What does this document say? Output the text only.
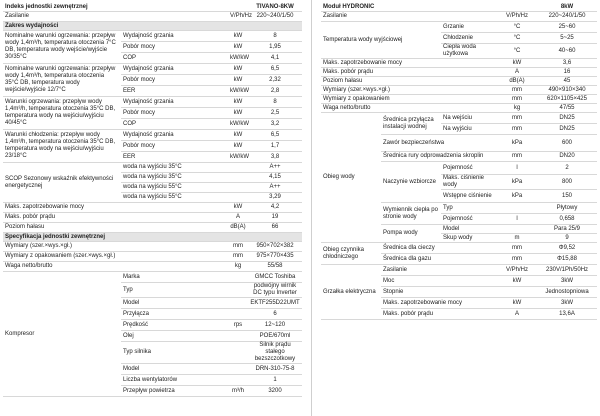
Indeks jednostki zewnętrznej			TIVANO-8KW
Zasilanie		V/Ph/Hz	220~240/1/50
Zakres wydajności			
Nominalne warunki ogrzewania: przepływ wody 1,4m³/h, temperatura otoczenia 7°C DB, temperatura wody wejście/wyjście 30/35°C	Wydajność grzania	kW	8
	Pobór mocy	kW	1,95
	COP	kW/kW	4,1
Nominalne warunki ogrzewania: przepływ wody 1,4m³/h, temperatura otoczenia 35°C DB, temperatura wody wejście/wyjście 12/7°C	Wydajność grzania	kW	6,5
	Pobór mocy	kW	2,32
	EER	kW/kW	2,8
Warunki ogrzewania: przepływ wody 1,4m³/h, temperatura otoczenia 35°C DB, temperatura wody na wejściu/wyjściu 40/45°C	Wydajność grzania	kW	8
	Pobór mocy	kW	2,5
	COP	kW/kW	3,2
Warunki chłodzenia: przepływ wody 1,4m³/h, temperatura otoczenia 35°C DB, temperatura wody na wejściu/wyjściu 23/18°C	Wydajność grzania	kW	6,5
	Pobór mocy	kW	1,7
	EER	kW/kW	3,8
SCOP Sezonowy wskaźnik efektywności energetycznej	woda na wyjściu 35°C		A++
	woda na wyjściu 35°C		4,15
	woda na wyjściu 55°C		A++
	woda na wyjściu 55°C		3,29
Maks. zapotrzebowanie mocy		kW	4,2
Maks. pobór prądu		A	19
Poziom hałasu		dB(A)	66
Specyfikacja jednostki zewnętrznej			
Wymiary (szer.×wys.×gł.)		mm	950×702×382
Wymiary z opakowaniem (szer.×wys.×gł.)		mm	975×770×435
Waga netto/brutto		kg	55/58
Kompresor	Marka		GMCC Toshiba
	Typ		podwójny wirnik DC typu Inverter
	Model		EKTF255D22UMT
	Przyłącza		6
	Prędkość	rps	12~120
	Olej		POE/670ml
	Typ silnika		Silnik prądu stałego bezszczotkowy
	Model		DRN-310-75-8
	Liczba wentylatorów		1
	Przepływ powietrza	m³/h	3200
Moduł HYDRONIC				8kW
Zasilanie			V/Ph/Hz	220~240/1/50
Temperatura wody wyjściowej		Grzanie	°C	25~60
		Chłodzenie	°C	5~25
		Ciepła woda użytkowa	°C	40~60
Maks. zapotrzebowanie mocy			kW	3,6
Maks. pobór prądu			A	16
Poziom hałasu			dB(A)	45
Wymiary (szer.×wys.×gł.)			mm	490×910×340
Wymiary z opakowaniem			mm	620×1105×425
Waga netto/brutto			kg	47/55
Obieg wody	Średnica przyłącza instalacji wodnej	Na wejściu	mm	DN25
		Na wyjściu	mm	DN25
	Zawór bezpieczeństwa		kPa	600
	Średnica rury odprowadzenia skroplin		mm	DN20
	Naczynie wzbiorcze	Pojemność	l	2
		Maks. ciśnienie wody	kPa	800
		Wstępne ciśnienie	kPa	150
	Wymiennik ciepła po stronie wody	Typ		Płytowy
		Pojemność	l	0,658
	Pompa wody	Model		Para 25/9
		Skup wody	m	9
Obieg czynnika chłodniczego	Średnica dla cieczy		mm	Φ9,52
	Średnica dla gazu		mm	Φ15,88
Grzałka elektryczna	Zasilanie		V/Ph/Hz	230V/1Ph/50Hz
	Moc		kW	3kW
	Stopnie			Jednostopniowa
	Maks. zapotrzebowanie mocy		kW	3kW
	Maks. pobór prądu		A	13,6A
